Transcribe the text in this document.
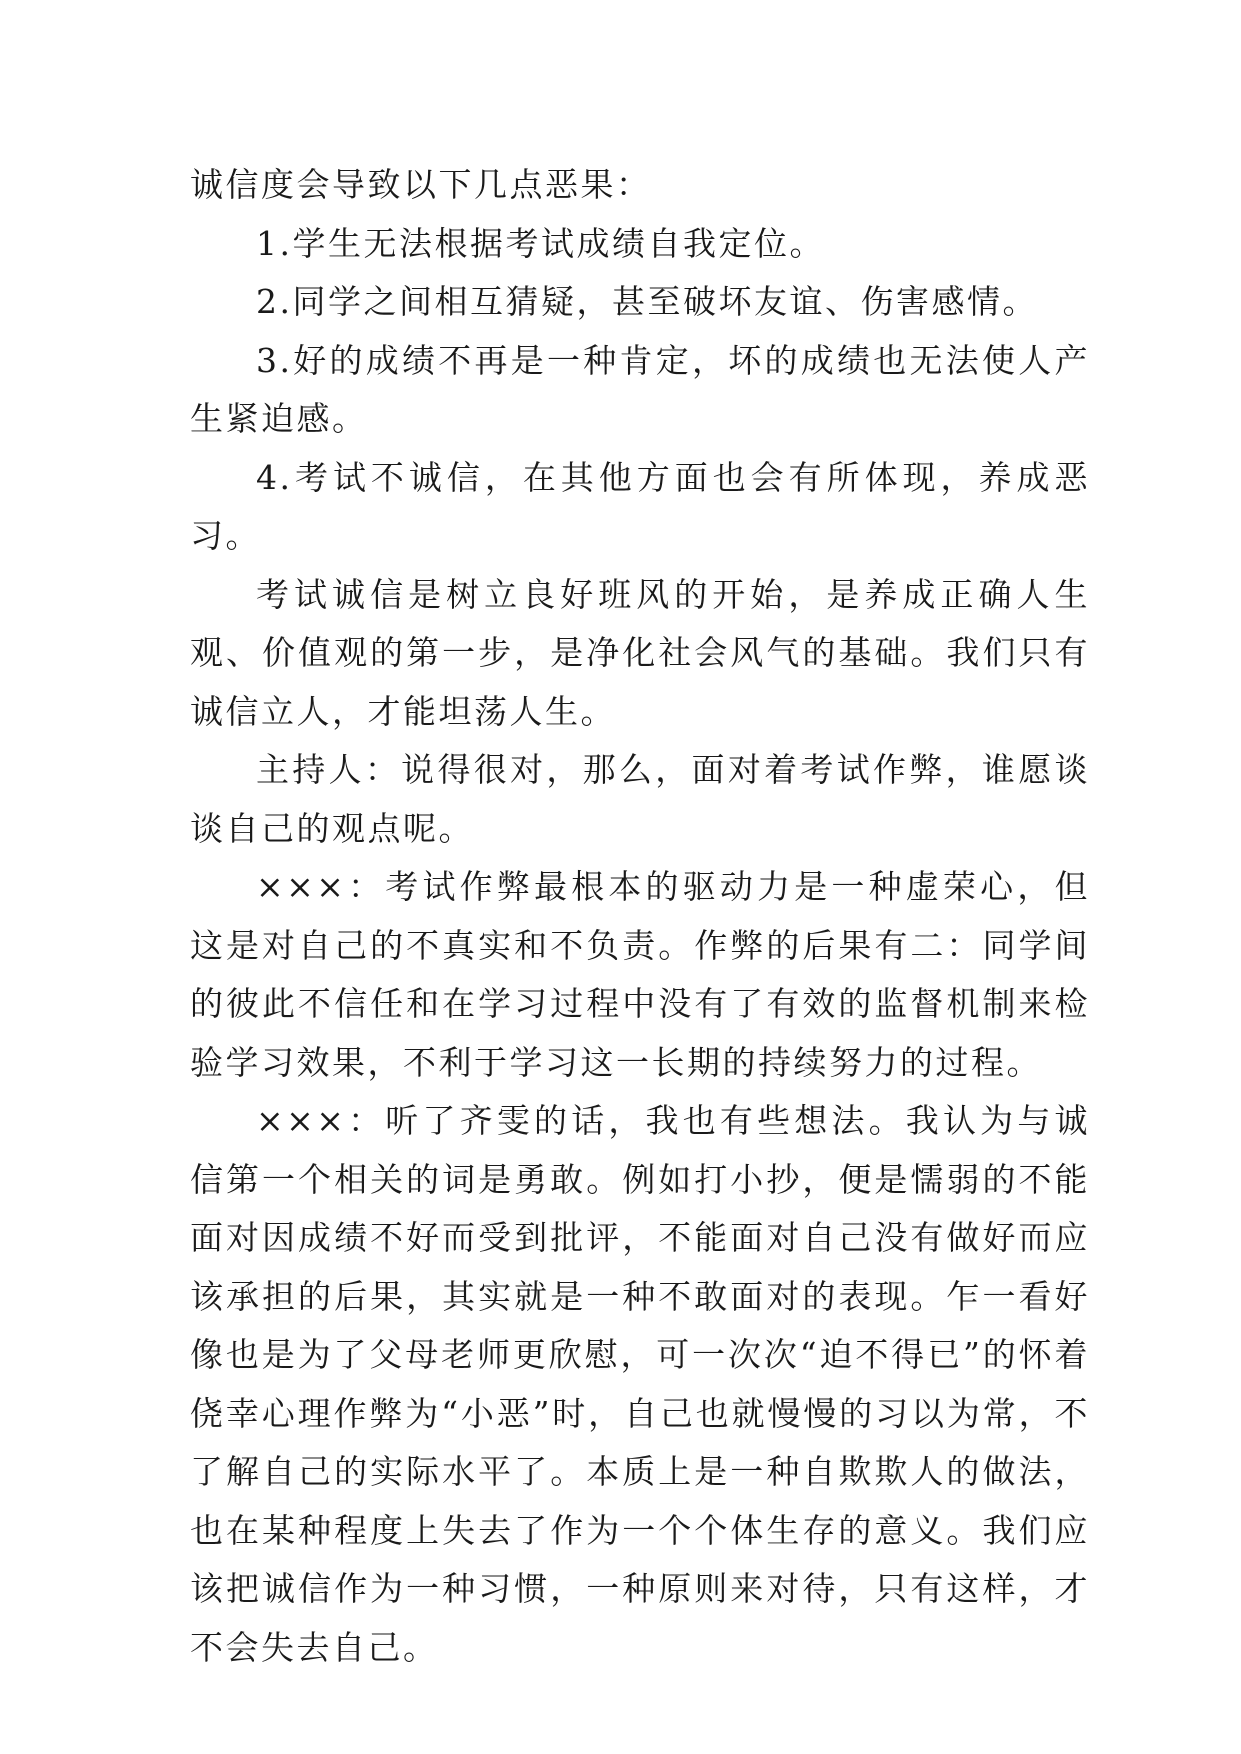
诚信度会导致以下几点恶果：

1.学生无法根据考试成绩自我定位。

2.同学之间相互猜疑，甚至破坏友谊、伤害感情。

3.好的成绩不再是一种肯定，坏的成绩也无法使人产生紧迫感。

4.考试不诚信，在其他方面也会有所体现，养成恶习。

考试诚信是树立良好班风的开始，是养成正确人生观、价值观的第一步，是净化社会风气的基础。我们只有诚信立人，才能坦荡人生。

主持人：说得很对，那么，面对着考试作弊，谁愿谈谈自己的观点呢。

×××：考试作弊最根本的驱动力是一种虚荣心，但这是对自己的不真实和不负责。作弊的后果有二：同学间的彼此不信任和在学习过程中没有了有效的监督机制来检验学习效果，不利于学习这一长期的持续努力的过程。

×××：听了齐雯的话，我也有些想法。我认为与诚信第一个相关的词是勇敢。例如打小抄，便是懦弱的不能面对因成绩不好而受到批评，不能面对自己没有做好而应该承担的后果，其实就是一种不敢面对的表现。乍一看好像也是为了父母老师更欣慰，可一次次“迫不得已”的怀着侥幸心理作弊为“小恶”时，自己也就慢慢的习以为常，不了解自己的实际水平了。本质上是一种自欺欺人的做法，也在某种程度上失去了作为一个个体生存的意义。我们应该把诚信作为一种习惯，一种原则来对待，只有这样，才不会失去自己。
